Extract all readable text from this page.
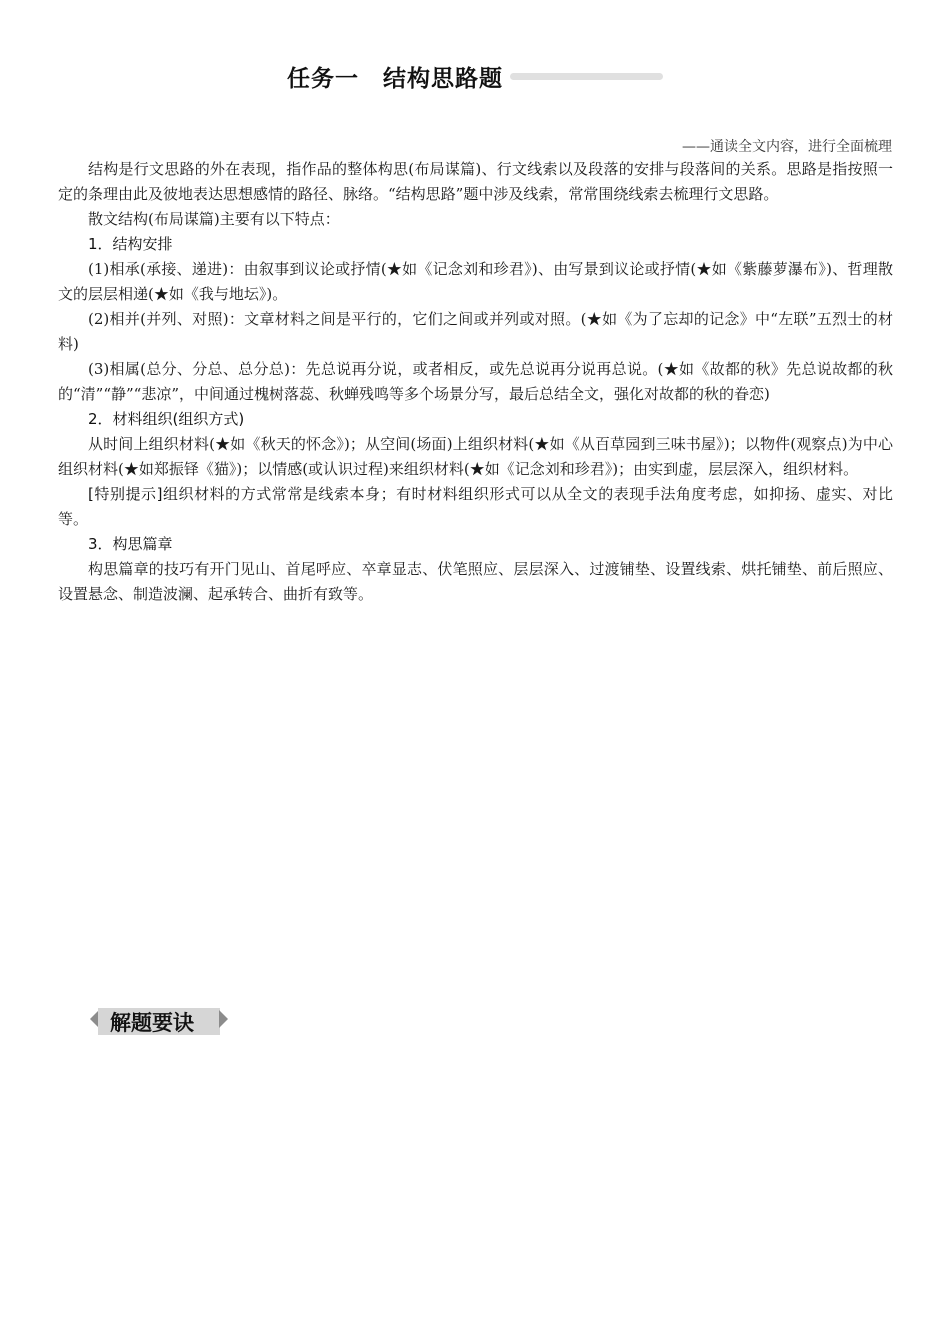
任务一　结构思路题
——通读全文内容，进行全面梳理

结构是行文思路的外在表现，指作品的整体构思(布局谋篇)、行文线索以及段落的安排与段落间的关系。思路是指按照一定的条理由此及彼地表达思想感情的路径、脉络。“结构思路”题中涉及线索，常常围绕线索去梳理行文思路。

散文结构(布局谋篇)主要有以下特点：

1．结构安排

(1)相承(承接、递进)：由叙事到议论或抒情(★如《记念刘和珍君》)、由写景到议论或抒情(★如《紫藤萝瀑布》)、哲理散文的层层相递(★如《我与地坛》)。

(2)相并(并列、对照)：文章材料之间是平行的，它们之间或并列或对照。(★如《为了忘却的记念》中“左联”五烈士的材料)

(3)相属(总分、分总、总分总)：先总说再分说，或者相反，或先总说再分说再总说。(★如《故都的秋》先总说故都的秋的“清”“静”“悲凉”，中间通过槐树落蕊、秋蝉残鸣等多个场景分写，最后总结全文，强化对故都的秋的眷恋)

2．材料组织(组织方式)

从时间上组织材料(★如《秋天的怀念》)；从空间(场面)上组织材料(★如《从百草园到三味书屋》)；以物件(观察点)为中心组织材料(★如郑振铎《猫》)；以情感(或认识过程)来组织材料(★如《记念刘和珍君》)；由实到虚，层层深入，组织材料。

[特别提示]组织材料的方式常常是线索本身；有时材料组织形式可以从全文的表现手法角度考虑，如抑扬、虚实、对比等。

3．构思篇章

构思篇章的技巧有开门见山、首尾呼应、卒章显志、伏笔照应、层层深入、过渡铺垫、设置线索、烘托铺垫、前后照应、设置悬念、制造波澜、起承转合、曲折有致等。

解题要诀
